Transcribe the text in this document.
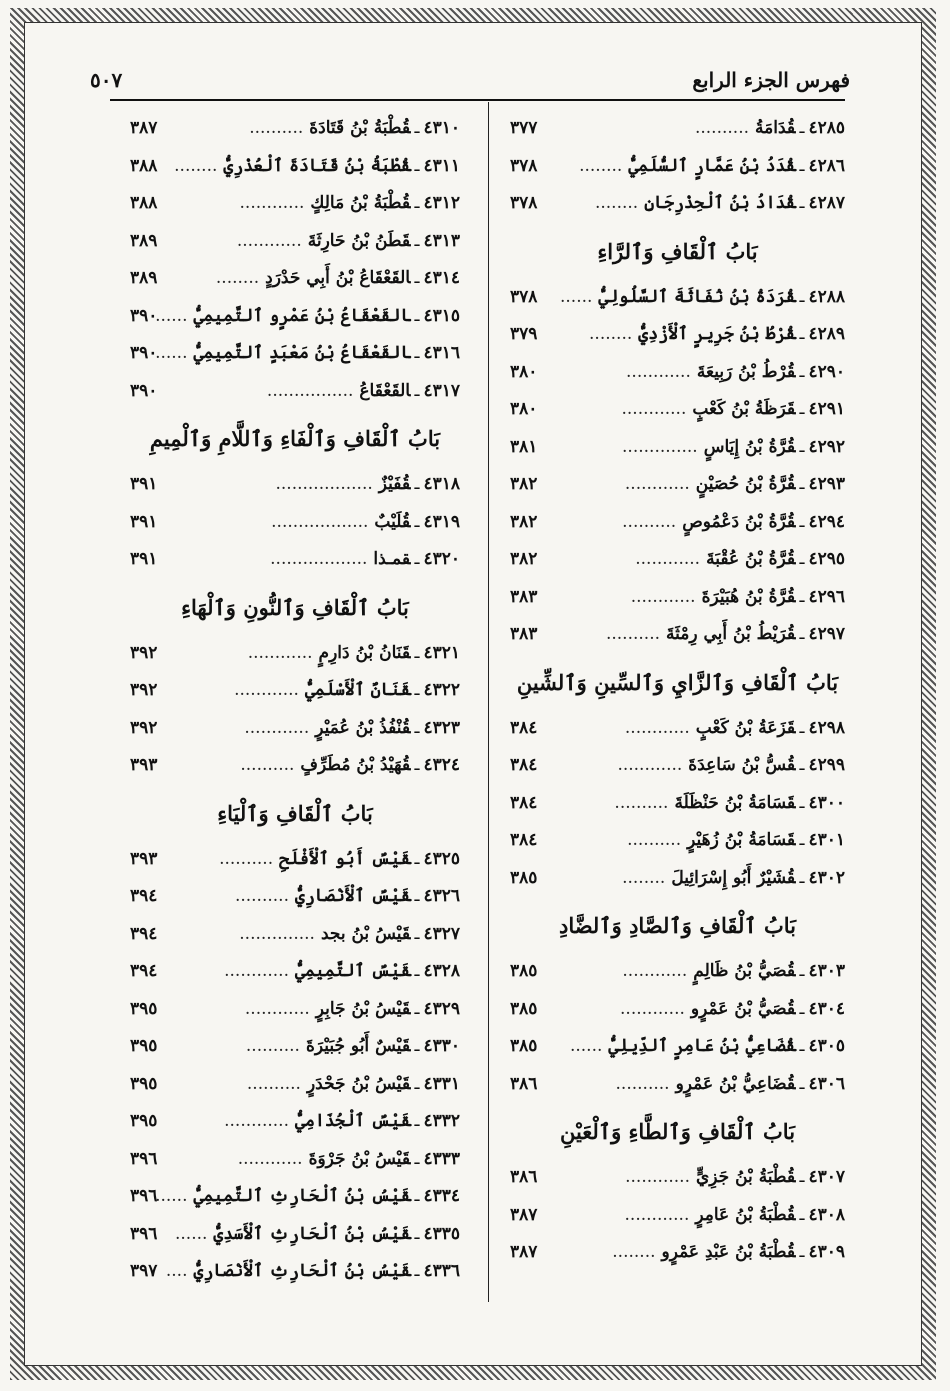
فهرس الجزء الرابع
٥٠٧
٤٢٨٥ـقُدَامَةُ..........
٣٧٧
٤٢٨٦ـقُدَدُ بْنُ عَمَّارٍ ٱلسُّلَمِيُّ........
٣٧٨
٤٢٨٧ـقُدَادُ بْنُ ٱلْحِذْرِجَانِ........
٣٧٨
بَابُ ٱلْقَافِ وَٱلرَّاءِ
٤٢٨٨ـقُرَدَةُ بْنُ نُفَاثَةَ ٱلسَّلُولِيُّ......
٣٧٨
٤٢٨٩ـقُرْطُ بْنُ جَرِيرٍ ٱلْأَزْدِيُّ........
٣٧٩
٤٢٩٠ـقُرْطُ بْنُ رَبِيعَةَ............
٣٨٠
٤٢٩١ـقَرَظَةُ بْنُ كَعْبٍ............
٣٨٠
٤٢٩٢ـقُرَّةُ بْنُ إِيَاسٍ..............
٣٨١
٤٢٩٣ـقُرَّةُ بْنُ حُصَيْنٍ............
٣٨٢
٤٢٩٤ـقُرَّةُ بْنُ دَعْمُوصٍ..........
٣٨٢
٤٢٩٥ـقُرَّةُ بْنُ عُقْبَةَ............
٣٨٢
٤٢٩٦ـقُرَّةُ بْنُ هُبَيْرَةَ............
٣٨٣
٤٢٩٧ـقُرَيْطُ بْنُ أَبِي رِمْثَةَ..........
٣٨٣
بَابُ ٱلْقَافِ وَٱلزَّايِ وَٱلسِّينِ وَٱلشِّينِ
٤٢٩٨ـقَزَعَةُ بْنُ كَعْبٍ............
٣٨٤
٤٢٩٩ـقُسُّ بْنُ سَاعِدَةَ............
٣٨٤
٤٣٠٠ـقَسَامَةُ بْنُ حَنْظَلَةَ..........
٣٨٤
٤٣٠١ـقَسَامَةُ بْنُ زُهَيْرٍ..........
٣٨٤
٤٣٠٢ـقُشَيْرٌ أَبُو إِسْرَائِيلَ........
٣٨٥
بَابُ ٱلْقَافِ وَٱلصَّادِ وَٱلضَّادِ
٤٣٠٣ـقُصَيُّ بْنُ ظَالِمٍ............
٣٨٥
٤٣٠٤ـقُصَيُّ بْنُ عَمْرٍو............
٣٨٥
٤٣٠٥ـقُضَاعِيُّ بْنُ عَامِرٍ ٱلدِّيلِيُّ......
٣٨٥
٤٣٠٦ـقُضَاعِيُّ بْنُ عَمْرٍو..........
٣٨٦
بَابُ ٱلْقَافِ وَٱلطَّاءِ وَٱلْعَيْنِ
٤٣٠٧ـقُطْبَةُ بْنُ جَزِيٍّ............
٣٨٦
٤٣٠٨ـقُطْبَةُ بْنُ عَامِرٍ............
٣٨٧
٤٣٠٩ـقُطْبَةُ بْنُ عَبْدِ عَمْرٍو........
٣٨٧
٤٣١٠ـقُطْبَةُ بْنُ قَتَادَةَ..........
٣٨٧
٤٣١١ـقُطْبَةُ بْنُ قَتَادَةَ ٱلْعُذْرِيُّ........
٣٨٨
٤٣١٢ـقُطْبَةُ بْنُ مَالِكٍ............
٣٨٨
٤٣١٣ـقَطَنُ بْنُ حَارِثَةَ............
٣٨٩
٤٣١٤ـالقَعْقَاعُ بْنُ أَبِي حَدْرَدٍ........
٣٨٩
٤٣١٥ـالقَعْقَاعُ بْنُ عَمْرٍو ٱلتَّمِيمِيُّ......
٣٩٠
٤٣١٦ـالقَعْقَاعُ بْنُ مَعْبَدٍ ٱلتَّمِيمِيُّ......
٣٩٠
٤٣١٧ـالقَعْقَاعُ................
٣٩٠
بَابُ ٱلْقَافِ وَٱلْفَاءِ وَٱللَّامِ وَٱلْمِيمِ
٤٣١٨ـقُفَيْزٌ..................
٣٩١
٤٣١٩ـقُلَيْبٌ..................
٣٩١
٤٣٢٠ـقمـذا..................
٣٩١
بَابُ ٱلْقَافِ وَٱلنُّونِ وَٱلْهَاءِ
٤٣٢١ـقَنَانُ بْنُ دَارِمٍ............
٣٩٢
٤٣٢٢ـقَنَانٌ ٱلْأَسْلَمِيُّ............
٣٩٢
٤٣٢٣ـقُنْفُذُ بْنُ عُمَيْرٍ............
٣٩٢
٤٣٢٤ـقُهَيْدُ بْنُ مُطَرِّفٍ..........
٣٩٣
بَابُ ٱلْقَافِ وَٱلْيَاءِ
٤٣٢٥ـقَيْسٌ أَبُو ٱلْأَفْلَحِ..........
٣٩٣
٤٣٢٦ـقَيْسٌ ٱلْأَنْصَارِيُّ..........
٣٩٤
٤٣٢٧ـقَيْسُ بْنُ بجد..............
٣٩٤
٤٣٢٨ـقَيْسٌ ٱلتَّمِيمِيُّ............
٣٩٤
٤٣٢٩ـقَيْسُ بْنُ جَابِرٍ............
٣٩٥
٤٣٣٠ـقَيْسٌ أَبُو جُبَيْرَةَ..........
٣٩٥
٤٣٣١ـقَيْسُ بْنُ جَحْدَرٍ..........
٣٩٥
٤٣٣٢ـقَيْسٌ ٱلْجُذَامِيُّ............
٣٩٥
٤٣٣٣ـقَيْسُ بْنُ جَرْوَةَ............
٣٩٦
٤٣٣٤ـقَيْسُ بْنُ ٱلْحَارِثِ ٱلتَّمِيمِيُّ......
٣٩٦
٤٣٣٥ـقَيْسُ بْنُ ٱلْحَارِثِ ٱلْأَسَدِيُّ......
٣٩٦
٤٣٣٦ـقَيْسُ بْنُ ٱلْحَارِثِ ٱلْأَنْصَارِيُّ....
٣٩٧
